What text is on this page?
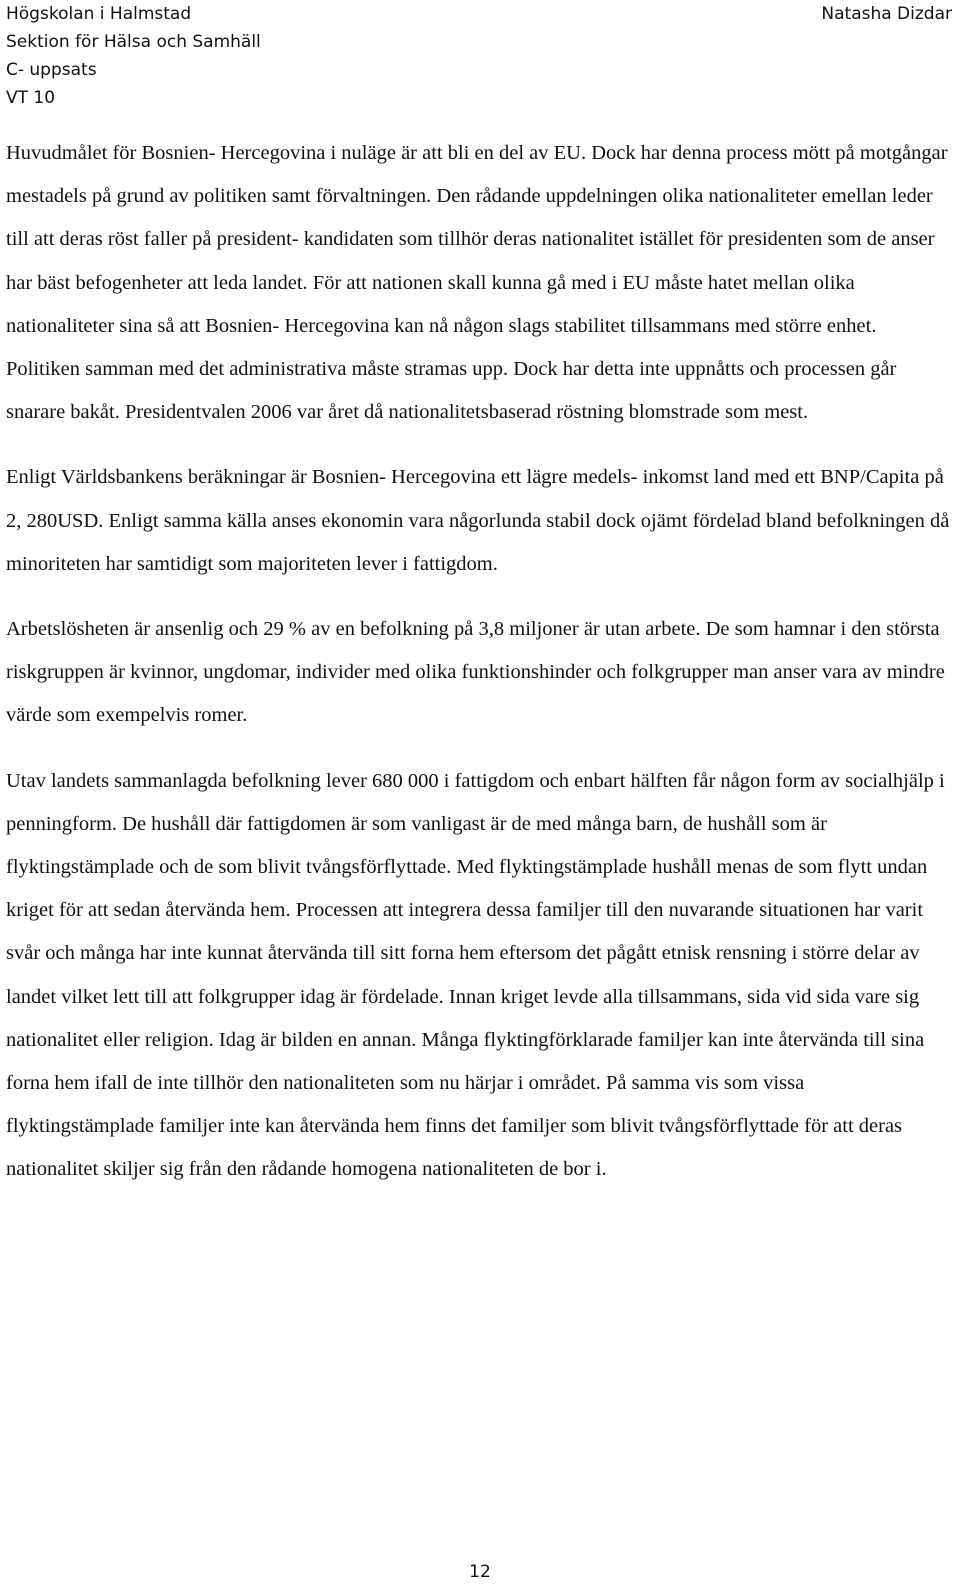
Högskolan i Halmstad
Sektion för Hälsa och Samhäll
C- uppsats
VT 10
Natasha Dizdar

Huvudmålet för Bosnien- Hercegovina i nuläge är att bli en del av EU. Dock har denna process mött på motgångar mestadels på grund av politiken samt förvaltningen. Den rådande uppdelningen olika nationaliteter emellan leder till att deras röst faller på president- kandidaten som tillhör deras nationalitet istället för presidenten som de anser har bäst befogenheter att leda landet. För att nationen skall kunna gå med i EU måste hatet mellan olika nationaliteter sina så att Bosnien- Hercegovina kan nå någon slags stabilitet tillsammans med större enhet. Politiken samman med det administrativa måste stramas upp. Dock har detta inte uppnåtts och processen går snarare bakåt. Presidentvalen 2006 var året då nationalitetsbaserad röstning blomstrade som mest.

Enligt Världsbankens beräkningar är Bosnien- Hercegovina ett lägre medels- inkomst land med ett BNP/Capita på 2, 280USD. Enligt samma källa anses ekonomin vara någorlunda stabil dock ojämt fördelad bland befolkningen då minoriteten har samtidigt som majoriteten lever i fattigdom.

Arbetslösheten är ansenlig och 29 % av en befolkning på 3,8 miljoner är utan arbete. De som hamnar i den största riskgruppen är kvinnor, ungdomar, individer med olika funktionshinder och folkgrupper man anser vara av mindre värde som exempelvis romer.

Utav landets sammanlagda befolkning lever 680 000 i fattigdom och enbart hälften får någon form av socialhjälp i penningform. De hushåll där fattigdomen är som vanligast är de med många barn, de hushåll som är flyktingstämplade och de som blivit tvångsförflyttade. Med flyktingstämplade hushåll menas de som flytt undan kriget för att sedan återvända hem. Processen att integrera dessa familjer till den nuvarande situationen har varit svår och många har inte kunnat återvända till sitt forna hem eftersom det pågått etnisk rensning i större delar av landet vilket lett till att folkgrupper idag är fördelade. Innan kriget levde alla tillsammans, sida vid sida vare sig nationalitet eller religion. Idag är bilden en annan. Många flyktingförklarade familjer kan inte återvända till sina forna hem ifall de inte tillhör den nationaliteten som nu härjar i området. På samma vis som vissa flyktingstämplade familjer inte kan återvända hem finns det familjer som blivit tvångsförflyttade för att deras nationalitet skiljer sig från den rådande homogena nationaliteten de bor i.

12
